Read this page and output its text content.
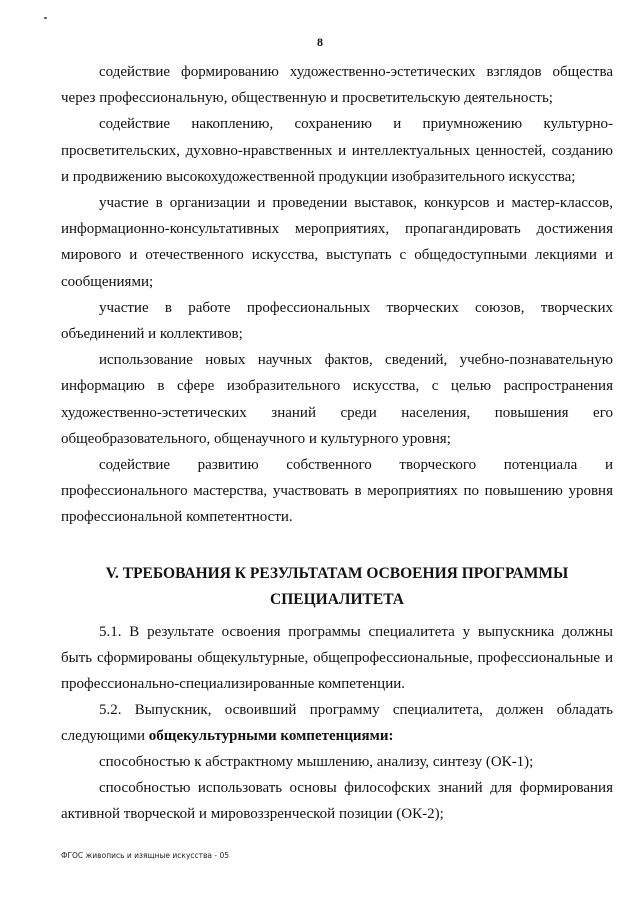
8

содействие формированию художественно-эстетических взглядов общества через профессиональную, общественную и просветительскую деятельность;

содействие накоплению, сохранению и приумножению культурно-просветительских, духовно-нравственных и интеллектуальных ценностей, созданию и продвижению высокохудожественной продукции изобразительного искусства;

участие в организации и проведении выставок, конкурсов и мастер-классов, информационно-консультативных мероприятиях, пропагандировать достижения мирового и отечественного искусства, выступать с общедоступными лекциями и сообщениями;

участие в работе профессиональных творческих союзов, творческих объединений и коллективов;

использование новых научных фактов, сведений, учебно-познавательную информацию в сфере изобразительного искусства, с целью распространения художественно-эстетических знаний среди населения, повышения его общеобразовательного, общенаучного и культурного уровня;

содействие развитию собственного творческого потенциала и профессионального мастерства, участвовать в мероприятиях по повышению уровня профессиональной компетентности.

V. ТРЕБОВАНИЯ К РЕЗУЛЬТАТАМ ОСВОЕНИЯ ПРОГРАММЫ
СПЕЦИАЛИТЕТА

5.1. В результате освоения программы специалитета у выпускника должны быть сформированы общекультурные, общепрофессиональные, профессиональные и профессионально-специализированные компетенции.

5.2. Выпускник, освоивший программу специалитета, должен обладать следующими общекультурными компетенциями:

способностью к абстрактному мышлению, анализу, синтезу (ОК-1);

способностью использовать основы философских знаний для формирования активной творческой и мировоззренческой позиции (ОК-2);

ФГОС живопись и изящные искусства - 05
